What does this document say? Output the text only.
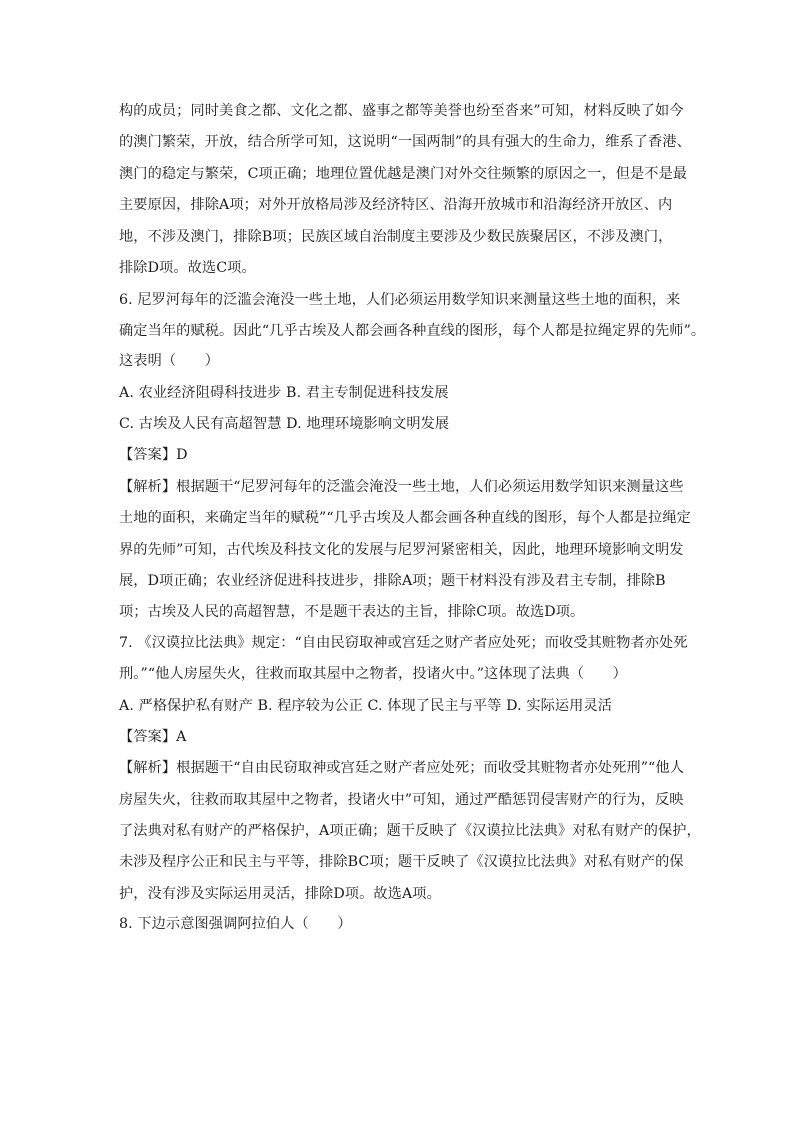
构的成员；同时美食之都、文化之都、盛事之都等美誉也纷至沓来”可知，材料反映了如今
的澳门繁荣，开放，结合所学可知，这说明“一国两制”的具有强大的生命力，维系了香港、
澳门的稳定与繁荣，C项正确；地理位置优越是澳门对外交往频繁的原因之一，但是不是最
主要原因，排除A项；对外开放格局涉及经济特区、沿海开放城市和沿海经济开放区、内
地，不涉及澳门，排除B项；民族区域自治制度主要涉及少数民族聚居区，不涉及澳门，
排除D项。故选C项。
6. 尼罗河每年的泛滥会淹没一些土地，人们必须运用数学知识来测量这些土地的面积，来
确定当年的赋税。因此“几乎古埃及人都会画各种直线的图形，每个人都是拉绳定界的先师”。
这表明（　　）
A. 农业经济阻碍科技进步 B. 君主专制促进科技发展
C. 古埃及人民有高超智慧 D. 地理环境影响文明发展
【答案】D
【解析】根据题干“尼罗河每年的泛滥会淹没一些土地，人们必须运用数学知识来测量这些
土地的面积，来确定当年的赋税”“几乎古埃及人都会画各种直线的图形，每个人都是拉绳定
界的先师”可知，古代埃及科技文化的发展与尼罗河紧密相关，因此，地理环境影响文明发
展，D项正确；农业经济促进科技进步，排除A项；题干材料没有涉及君主专制，排除B
项；古埃及人民的高超智慧，不是题干表达的主旨，排除C项。故选D项。
7. 《汉谟拉比法典》规定：“自由民窃取神或宫廷之财产者应处死；而收受其赃物者亦处死
刑。”“他人房屋失火，往救而取其屋中之物者，投诸火中。”这体现了法典（　　）
A. 严格保护私有财产 B. 程序较为公正 C. 体现了民主与平等 D. 实际运用灵活
【答案】A
【解析】根据题干“自由民窃取神或宫廷之财产者应处死；而收受其赃物者亦处死刑”“他人
房屋失火，往救而取其屋中之物者，投诸火中”可知，通过严酷惩罚侵害财产的行为，反映
了法典对私有财产的严格保护，A项正确；题干反映了《汉谟拉比法典》对私有财产的保护，
未涉及程序公正和民主与平等，排除BC项；题干反映了《汉谟拉比法典》对私有财产的保
护，没有涉及实际运用灵活，排除D项。故选A项。
8. 下边示意图强调阿拉伯人（　　）
